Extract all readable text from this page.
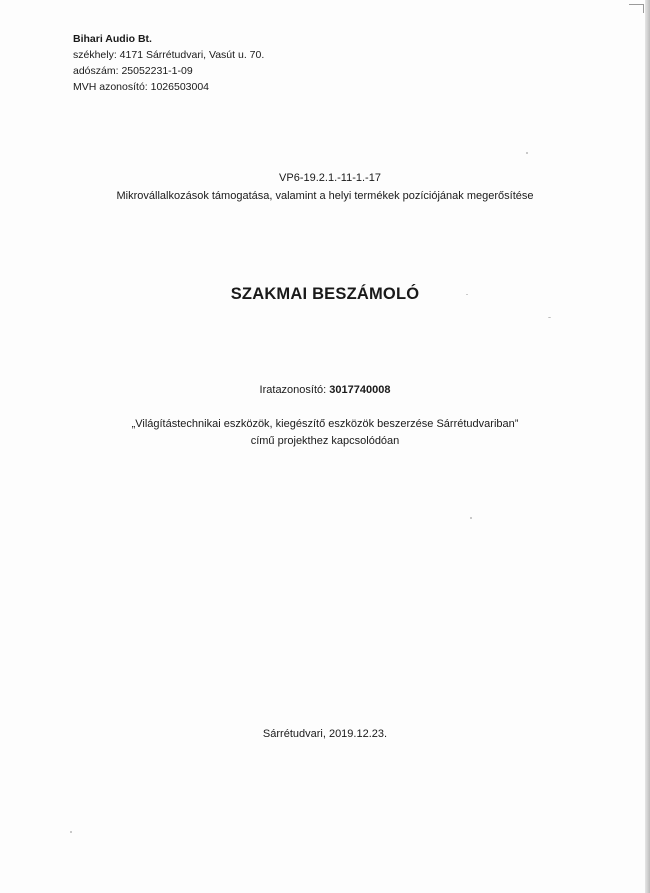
Bihari Audio Bt.
székhely: 4171 Sárrétudvari, Vasút u. 70.
adószám: 25052231-1-09
MVH azonosító: 1026503004
VP6-19.2.1.-11-1.-17
Mikrovállalkozások támogatása, valamint a helyi termékek pozíciójának megerősítése
SZAKMAI BESZÁMOLÓ
Iratazonosító: 3017740008
„Világítástechnikai eszközök, kiegészítő eszközök beszerzése Sárrétudvariban”
című projekthez kapcsolódóan
Sárrétudvari, 2019.12.23.
